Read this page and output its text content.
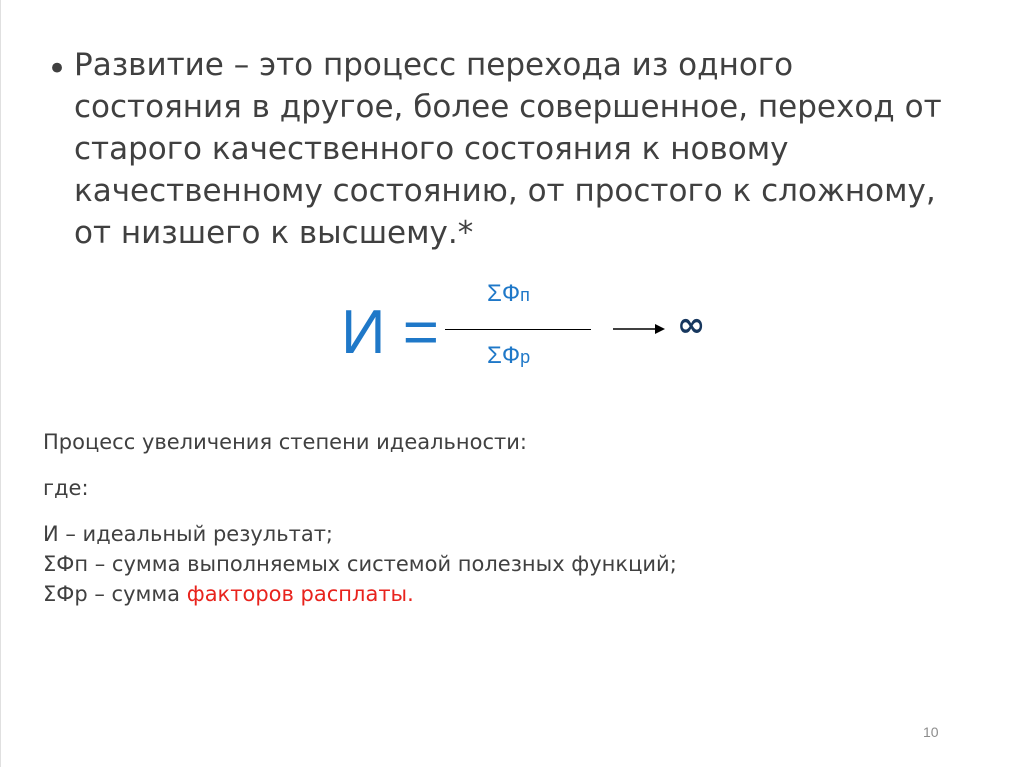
• Развитие – это процесс перехода из одного
состояния в другое, более совершенное, переход от
старого качественного состояния к новому
качественному состоянию, от простого к сложному,
от низшего к высшему.*
И =
ΣФп
ΣФр
∞
Процесс увеличения степени идеальности:
где:
И – идеальный результат;
ΣФп – сумма выполняемых системой полезных функций;
ΣФр – сумма факторов расплаты.
10
